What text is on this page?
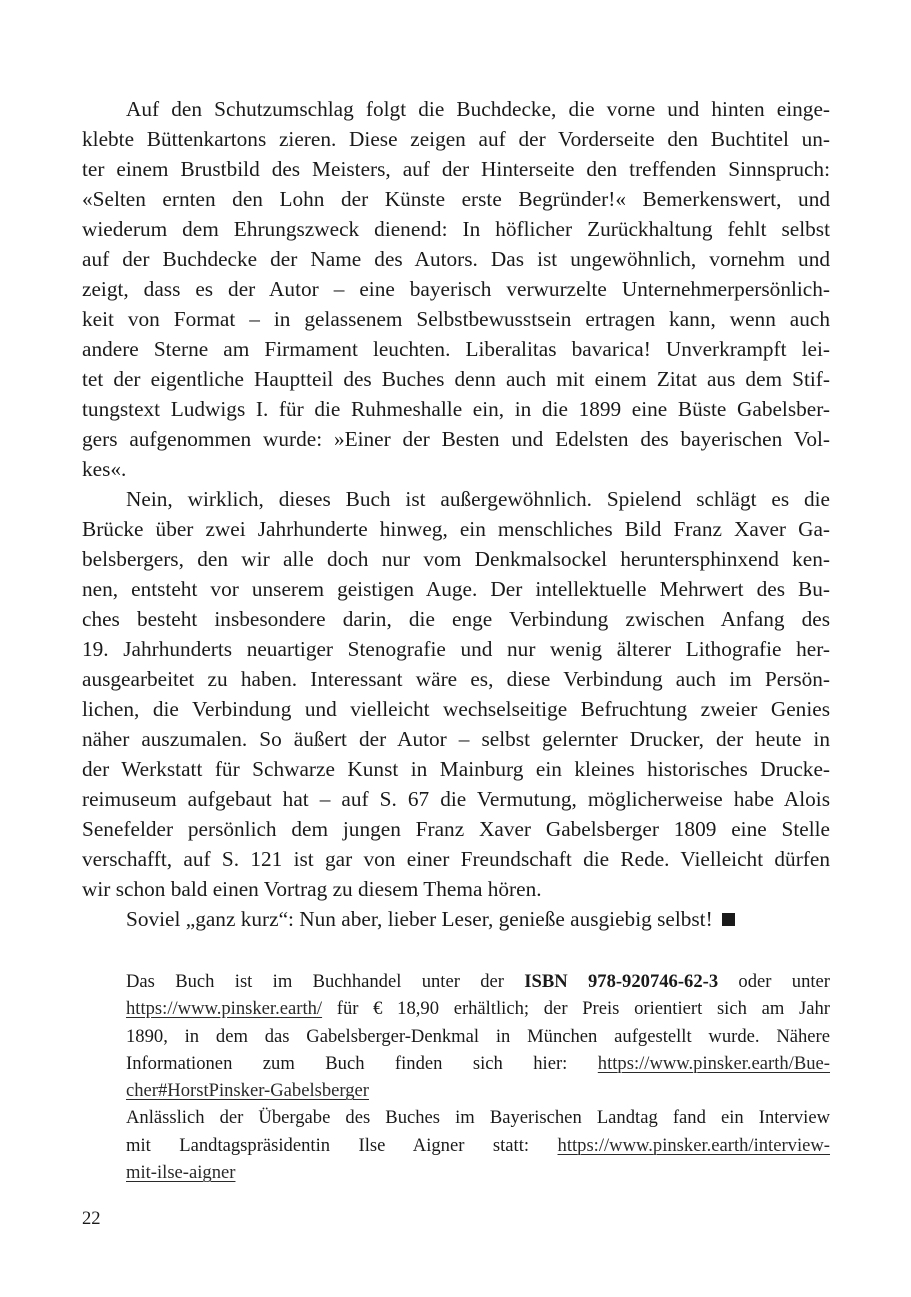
Auf den Schutzumschlag folgt die Buchdecke, die vorne und hinten einge-
klebte Büttenkartons zieren. Diese zeigen auf der Vorderseite den Buchtitel un-
ter einem Brustbild des Meisters, auf der Hinterseite den treffenden Sinnspruch:
«Selten ernten den Lohn der Künste erste Begründer!« Bemerkenswert, und
wiederum dem Ehrungszweck dienend: In höflicher Zurückhaltung fehlt selbst
auf der Buchdecke der Name des Autors. Das ist ungewöhnlich, vornehm und
zeigt, dass es der Autor – eine bayerisch verwurzelte Unternehmerpersönlich-
keit von Format – in gelassenem Selbstbewusstsein ertragen kann, wenn auch
andere Sterne am Firmament leuchten. Liberalitas bavarica! Unverkrampft lei-
tet der eigentliche Hauptteil des Buches denn auch mit einem Zitat aus dem Stif-
tungstext Ludwigs I. für die Ruhmeshalle ein, in die 1899 eine Büste Gabelsber-
gers aufgenommen wurde: »Einer der Besten und Edelsten des bayerischen Vol-
kes«.
Nein, wirklich, dieses Buch ist außergewöhnlich. Spielend schlägt es die
Brücke über zwei Jahrhunderte hinweg, ein menschliches Bild Franz Xaver Ga-
belsbergers, den wir alle doch nur vom Denkmalsockel heruntersphinxend ken-
nen, entsteht vor unserem geistigen Auge. Der intellektuelle Mehrwert des Bu-
ches besteht insbesondere darin, die enge Verbindung zwischen Anfang des
19. Jahrhunderts neuartiger Stenografie und nur wenig älterer Lithografie her-
ausgearbeitet zu haben. Interessant wäre es, diese Verbindung auch im Persön-
lichen, die Verbindung und vielleicht wechselseitige Befruchtung zweier Genies
näher auszumalen. So äußert der Autor – selbst gelernter Drucker, der heute in
der Werkstatt für Schwarze Kunst in Mainburg ein kleines historisches Drucke-
reimuseum aufgebaut hat – auf S. 67 die Vermutung, möglicherweise habe Alois
Senefelder persönlich dem jungen Franz Xaver Gabelsberger 1809 eine Stelle
verschafft, auf S. 121 ist gar von einer Freundschaft die Rede. Vielleicht dürfen
wir schon bald einen Vortrag zu diesem Thema hören.
Soviel „ganz kurz“: Nun aber, lieber Leser, genieße ausgiebig selbst!
Das Buch ist im Buchhandel unter der ISBN 978-920746-62-3 oder unter
https://www.pinsker.earth/ für € 18,90 erhältlich; der Preis orientiert sich am Jahr
1890, in dem das Gabelsberger-Denkmal in München aufgestellt wurde. Nähere
Informationen zum Buch finden sich hier: https://www.pinsker.earth/Bue-
cher#HorstPinsker-Gabelsberger
Anlässlich der Übergabe des Buches im Bayerischen Landtag fand ein Interview
mit Landtagspräsidentin Ilse Aigner statt: https://www.pinsker.earth/interview-
mit-ilse-aigner
22
